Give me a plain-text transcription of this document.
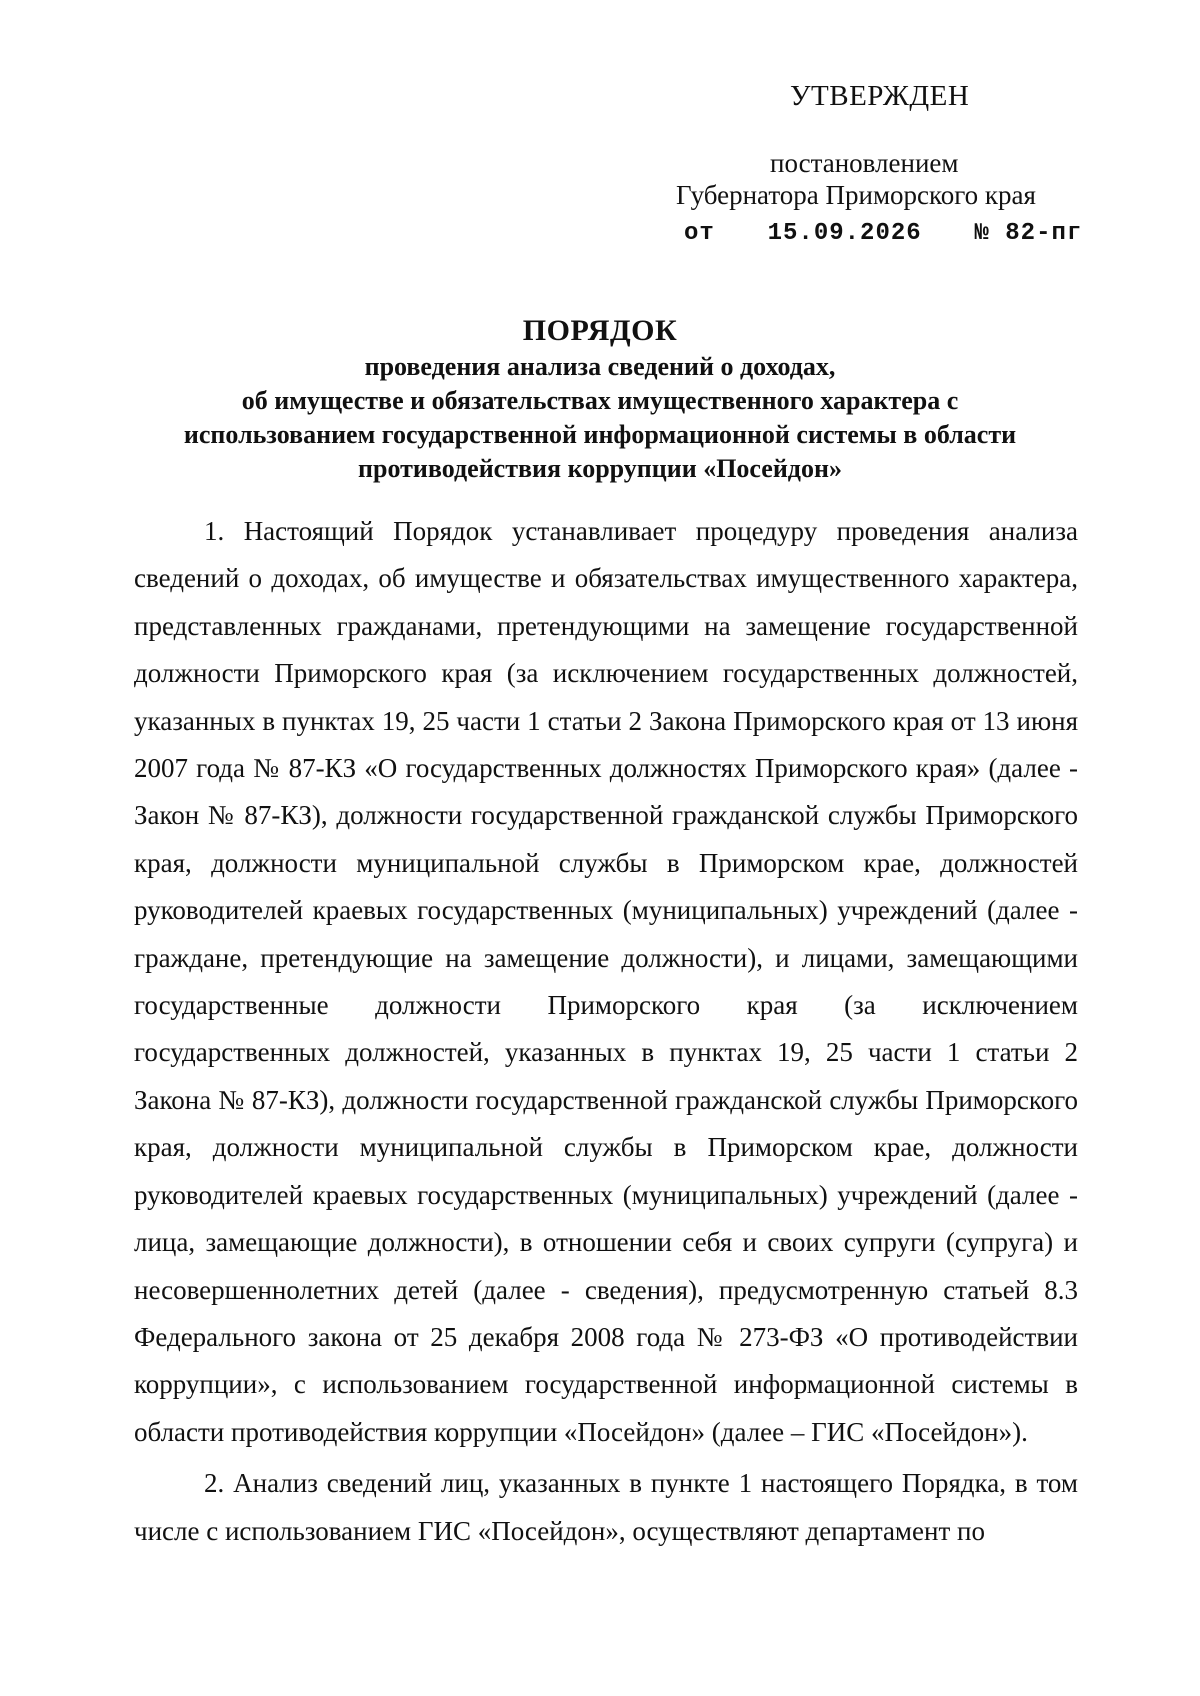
УТВЕРЖДЕН
постановлением
Губернатора Приморского края
от 15.09.2026 № 82-пг
ПОРЯДОК
проведения анализа сведений о доходах,
об имуществе и обязательствах имущественного характера с
использованием государственной информационной системы в области
противодействия коррупции «Посейдон»

1. Настоящий Порядок устанавливает процедуру проведения анализа сведений о доходах, об имуществе и обязательствах имущественного характера, представленных гражданами, претендующими на замещение государственной должности Приморского края (за исключением государственных должностей, указанных в пунктах 19, 25 части 1 статьи 2 Закона Приморского края от 13 июня 2007 года № 87-КЗ «О государственных должностях Приморского края» (далее - Закон № 87-КЗ), должности государственной гражданской службы Приморского края, должности муниципальной службы в Приморском крае, должностей руководителей краевых государственных (муниципальных) учреждений (далее - граждане, претендующие на замещение должности), и лицами, замещающими государственные должности Приморского края (за исключением государственных должностей, указанных в пунктах 19, 25 части 1 статьи 2 Закона № 87-КЗ), должности государственной гражданской службы Приморского края, должности муниципальной службы в Приморском крае, должности руководителей краевых государственных (муниципальных) учреждений (далее - лица, замещающие должности), в отношении себя и своих супруги (супруга) и несовершеннолетних детей (далее - сведения), предусмотренную статьей 8.3 Федерального закона от 25 декабря 2008 года № 273-ФЗ «О противодействии коррупции», с использованием государственной информационной системы в области противодействия коррупции «Посейдон» (далее – ГИС «Посейдон»).

2. Анализ сведений лиц, указанных в пункте 1 настоящего Порядка, в том числе с использованием ГИС «Посейдон», осуществляют департамент по
